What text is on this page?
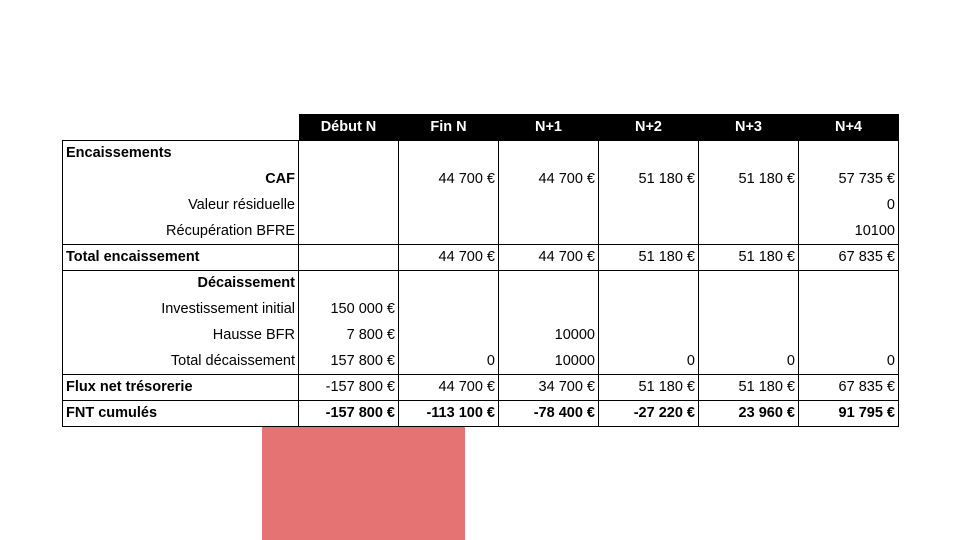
	Début N	Fin N	N+1	N+2	N+3	N+4
Encaissements						
CAF		44 700 €	44 700 €	51 180 €	51 180 €	57 735 €
Valeur résiduelle						0
Récupération BFRE						10100
Total encaissement		44 700 €	44 700 €	51 180 €	51 180 €	67 835 €
Décaissement						
Investissement initial	150 000 €					
Hausse BFR	7 800 €		10000			
Total décaissement	157 800 €	0	10000	0	0	0
Flux net trésorerie	-157 800 €	44 700 €	34 700 €	51 180 €	51 180 €	67 835 €
FNT cumulés	-157 800 €	-113 100 €	-78 400 €	-27 220 €	23 960 €	91 795 €
